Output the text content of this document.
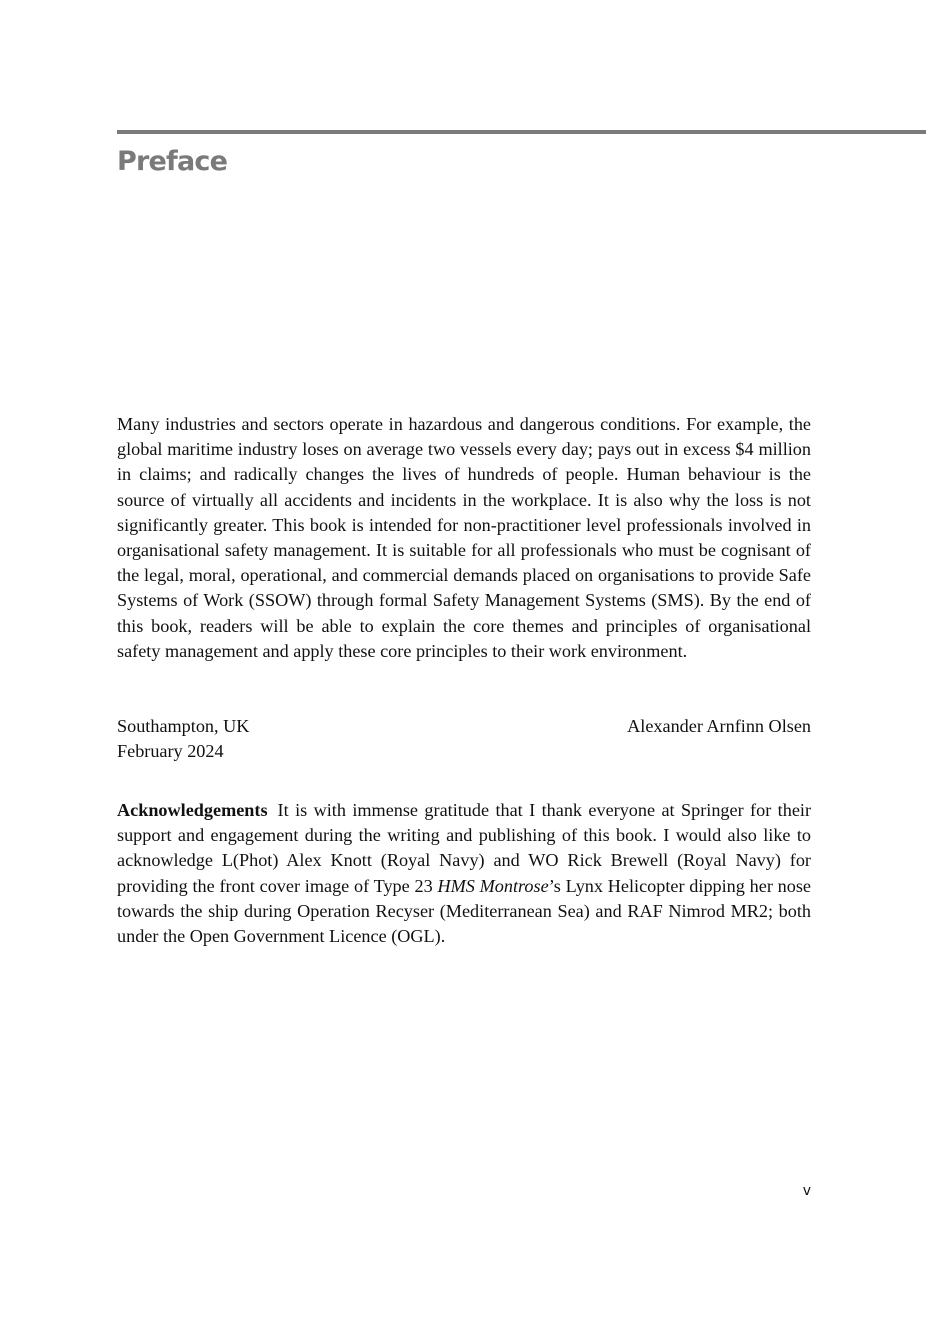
Preface

Many industries and sectors operate in hazardous and dangerous conditions. For example, the global maritime industry loses on average two vessels every day; pays out in excess $4 million in claims; and radically changes the lives of hundreds of people. Human behaviour is the source of virtually all accidents and incidents in the workplace. It is also why the loss is not significantly greater. This book is intended for non-practitioner level professionals involved in organisational safety management. It is suitable for all professionals who must be cognisant of the legal, moral, operational, and commercial demands placed on organisations to provide Safe Systems of Work (SSOW) through formal Safety Management Systems (SMS). By the end of this book, readers will be able to explain the core themes and principles of organisational safety management and apply these core principles to their work environment.

Southampton, UK	Alexander Arnfinn Olsen
February 2024

Acknowledgements It is with immense gratitude that I thank everyone at Springer for their support and engagement during the writing and publishing of this book. I would also like to acknowledge L(Phot) Alex Knott (Royal Navy) and WO Rick Brewell (Royal Navy) for providing the front cover image of Type 23 HMS Montrose’s Lynx Helicopter dipping her nose towards the ship during Operation Recyser (Mediterranean Sea) and RAF Nimrod MR2; both under the Open Government Licence (OGL).

v
